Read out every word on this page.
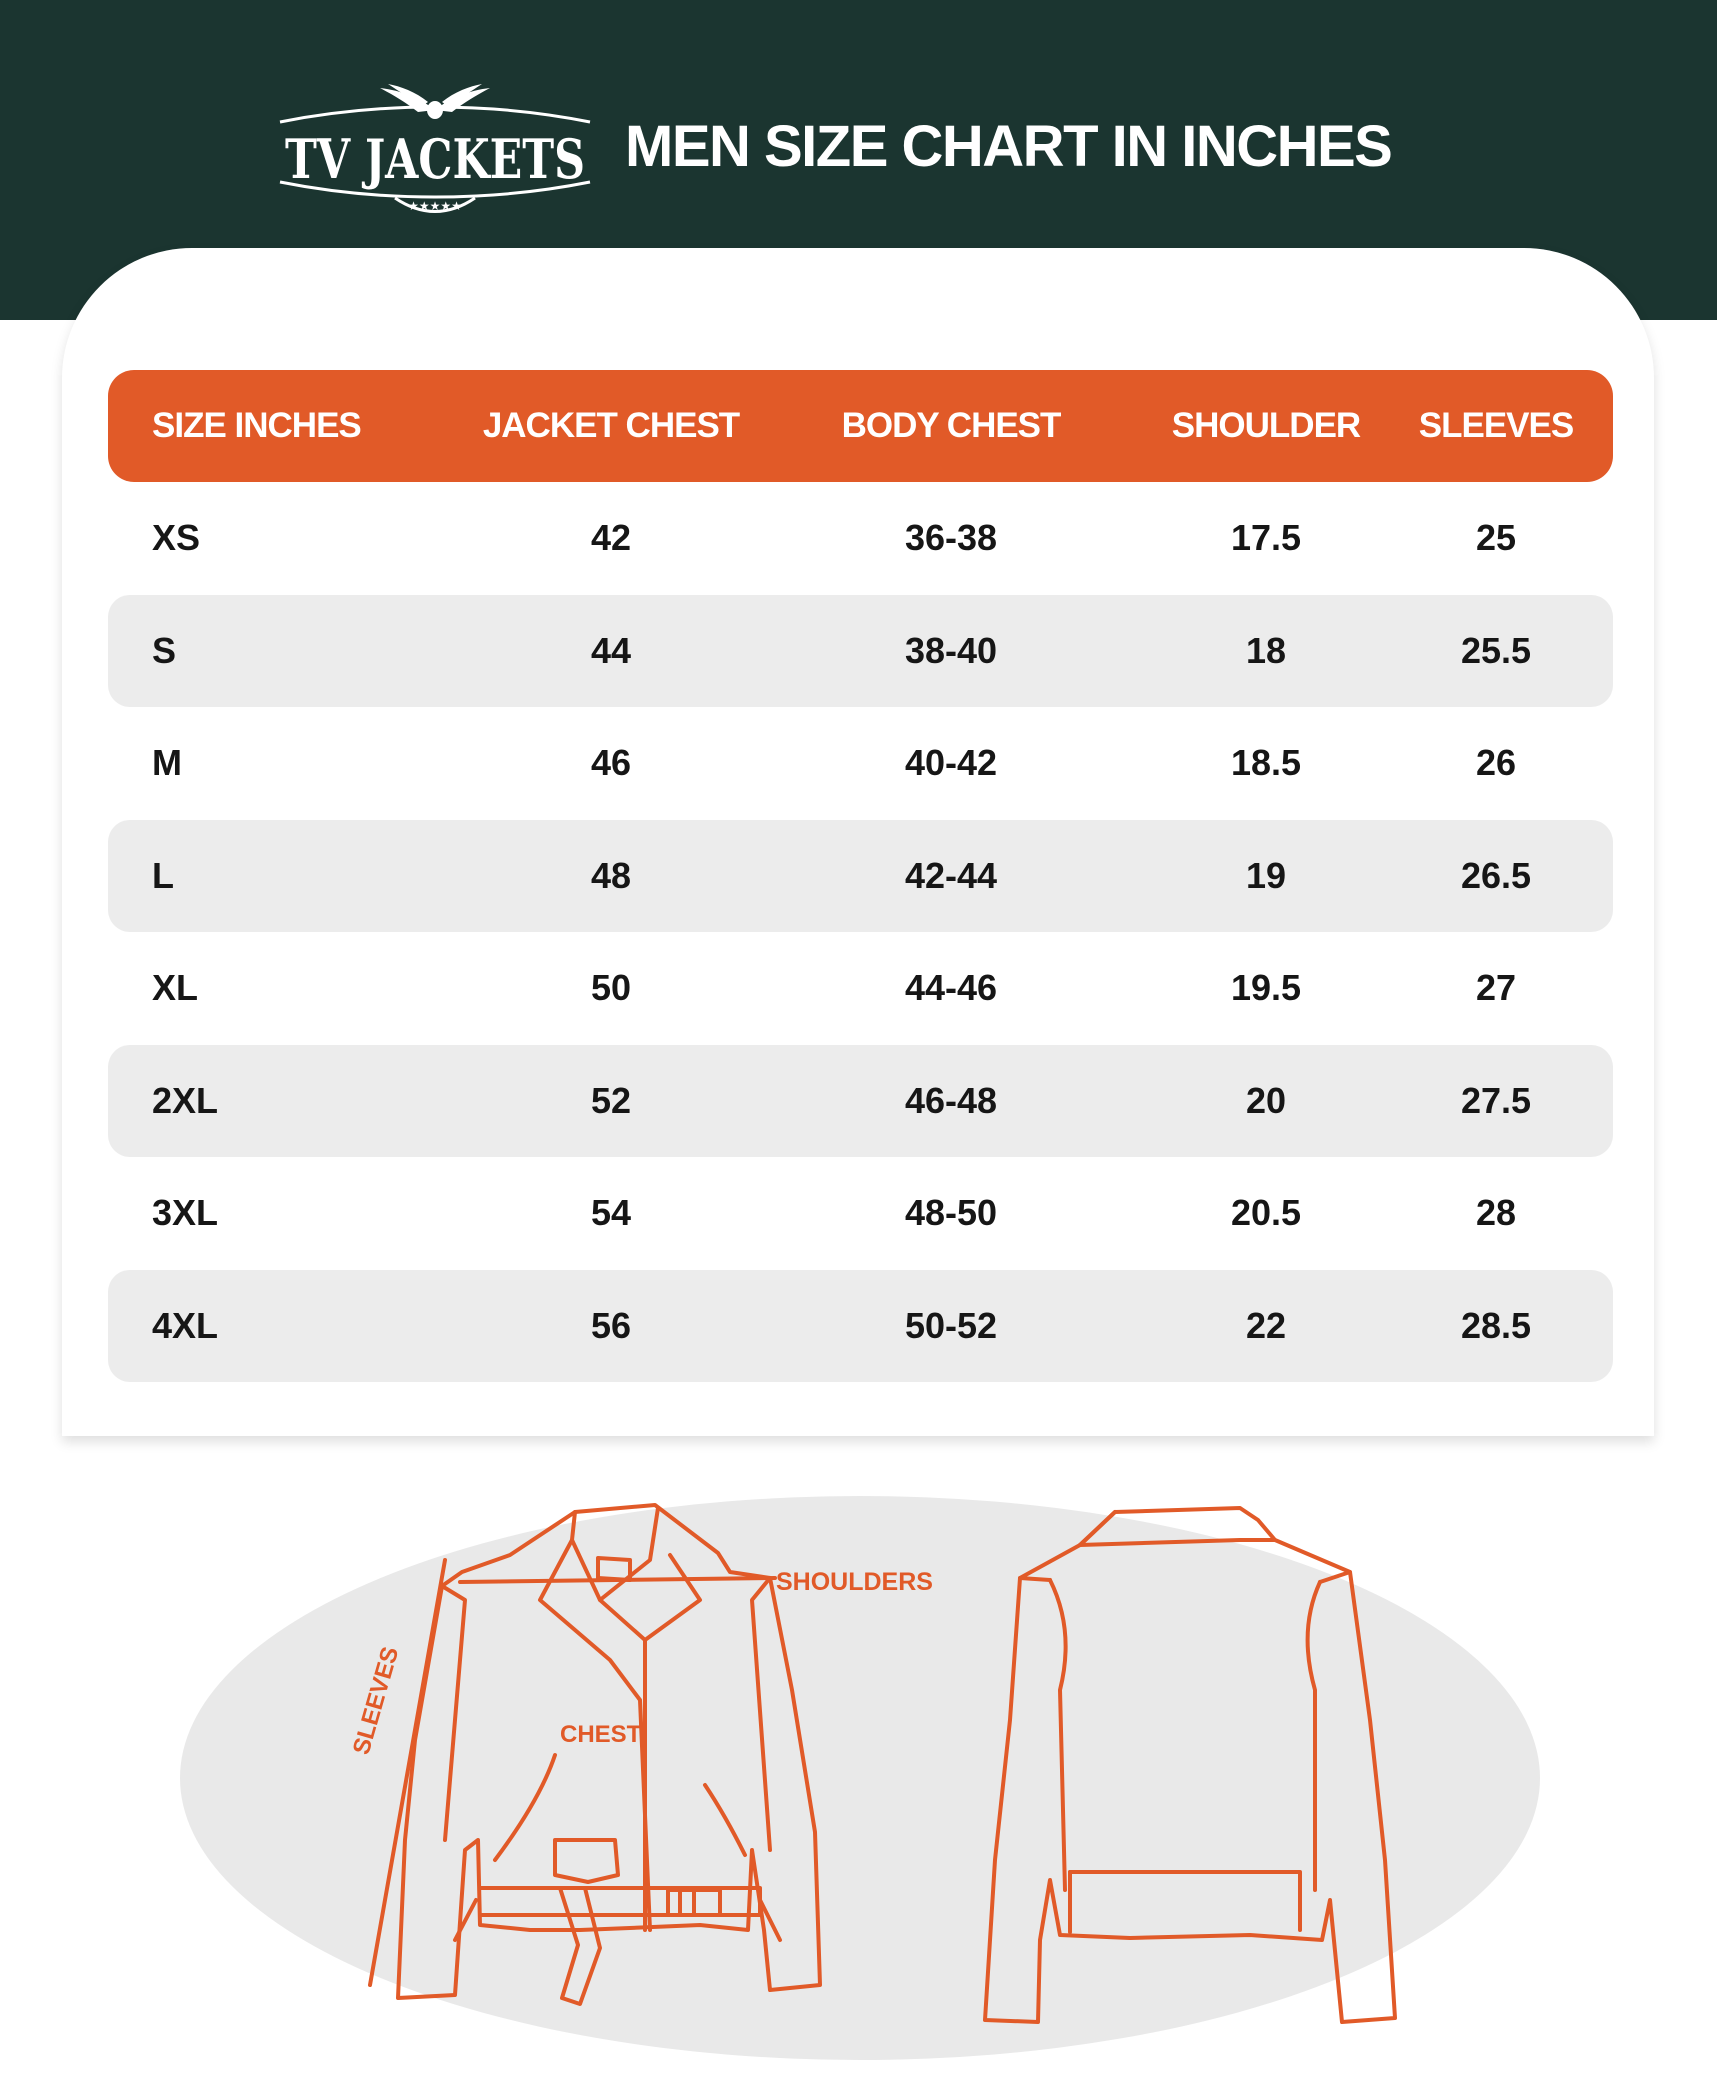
TV JACKETS
★★★★★
MEN SIZE CHART IN INCHES
SIZE INCHES	JACKET CHEST	BODY CHEST	SHOULDER	SLEEVES
XS	42	36-38	17.5	25
S	44	38-40	18	25.5
M	46	40-42	18.5	26
L	48	42-44	19	26.5
XL	50	44-46	19.5	27
2XL	52	46-48	20	27.5
3XL	54	48-50	20.5	28
4XL	56	50-52	22	28.5
SHOULDERS
CHEST
SLEEVES
